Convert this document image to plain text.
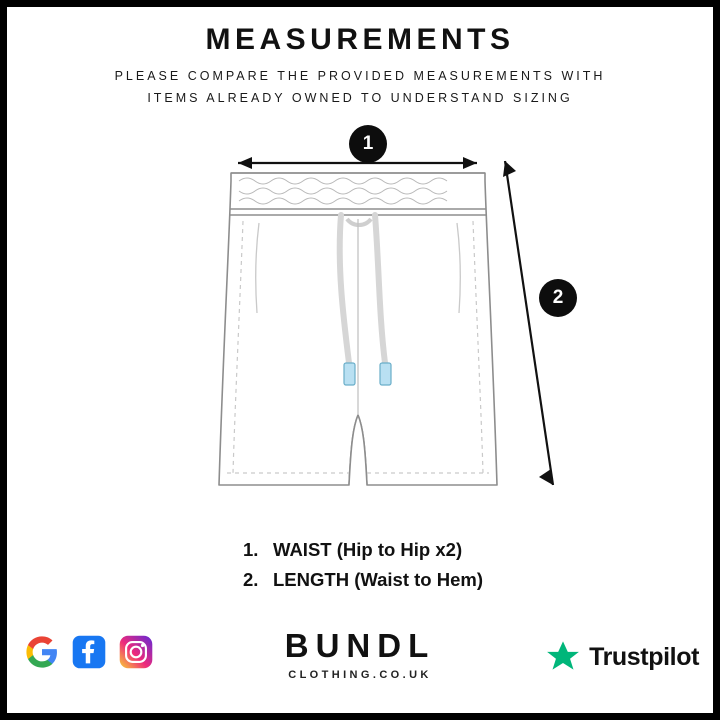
MEASUREMENTS
PLEASE COMPARE THE PROVIDED MEASUREMENTS WITH
ITEMS ALREADY OWNED TO UNDERSTAND SIZING
1
2
1. WAIST (Hip to Hip x2)
2. LENGTH (Waist to Hem)
BUNDL
CLOTHING.CO.UK
Trustpilot
